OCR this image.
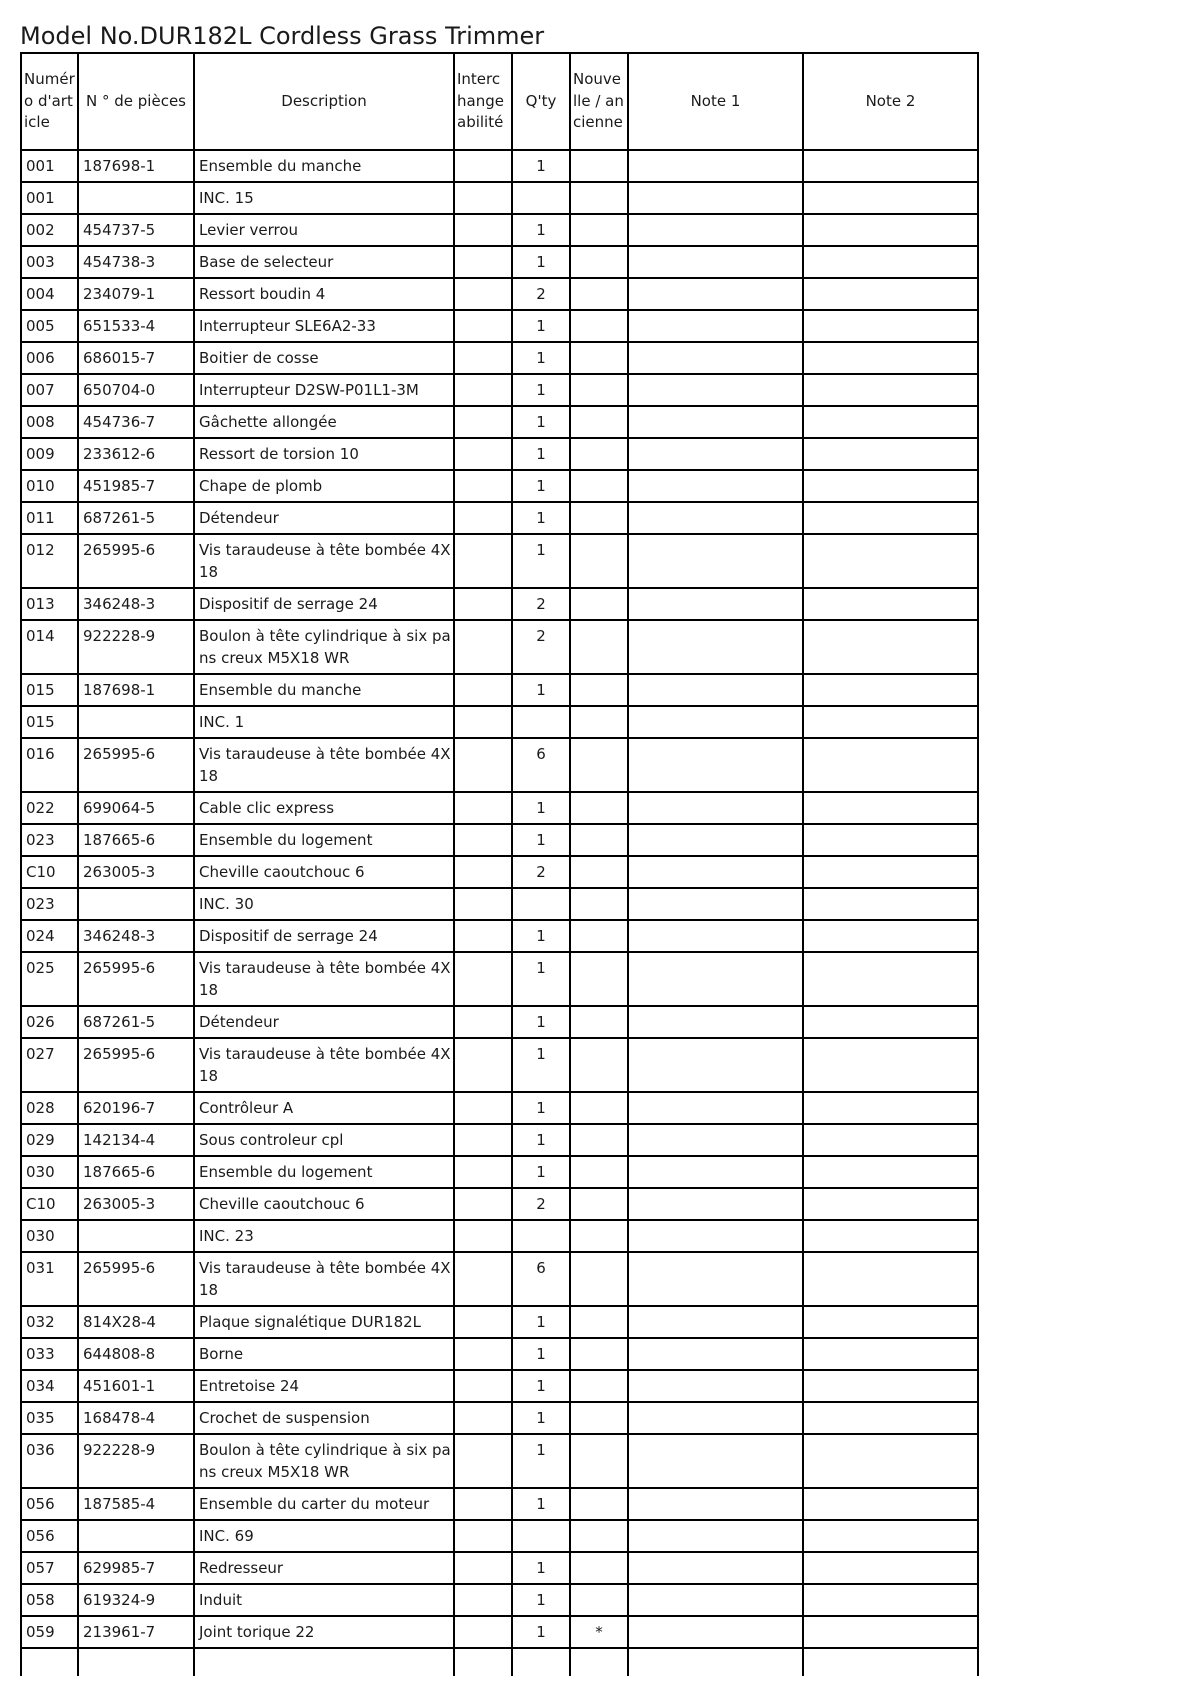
Model No.DUR182L Cordless Grass Trimmer
Numéro d'article	N ° de pièces	Description	Interchangeabilité	Q'ty	Nouvelle / ancienne	Note 1	Note 2
001	187698-1	Ensemble du manche		1			
001		INC. 15					
002	454737-5	Levier verrou		1			
003	454738-3	Base de selecteur		1			
004	234079-1	Ressort boudin 4		2			
005	651533-4	Interrupteur SLE6A2-33		1			
006	686015-7	Boitier de cosse		1			
007	650704-0	Interrupteur D2SW-P01L1-3M		1			
008	454736-7	Gâchette allongée		1			
009	233612-6	Ressort de torsion 10		1			
010	451985-7	Chape de plomb		1			
011	687261-5	Détendeur		1			
012	265995-6	Vis taraudeuse à tête bombée 4X18		1			
013	346248-3	Dispositif de serrage 24		2			
014	922228-9	Boulon à tête cylindrique à six pans creux M5X18 WR		2			
015	187698-1	Ensemble du manche		1			
015		INC. 1					
016	265995-6	Vis taraudeuse à tête bombée 4X18		6			
022	699064-5	Cable clic express		1			
023	187665-6	Ensemble du logement		1			
C10	263005-3	Cheville caoutchouc 6		2			
023		INC. 30					
024	346248-3	Dispositif de serrage 24		1			
025	265995-6	Vis taraudeuse à tête bombée 4X18		1			
026	687261-5	Détendeur		1			
027	265995-6	Vis taraudeuse à tête bombée 4X18		1			
028	620196-7	Contrôleur A		1			
029	142134-4	Sous controleur cpl		1			
030	187665-6	Ensemble du logement		1			
C10	263005-3	Cheville caoutchouc 6		2			
030		INC. 23					
031	265995-6	Vis taraudeuse à tête bombée 4X18		6			
032	814X28-4	Plaque signalétique DUR182L		1			
033	644808-8	Borne		1			
034	451601-1	Entretoise 24		1			
035	168478-4	Crochet de suspension		1			
036	922228-9	Boulon à tête cylindrique à six pans creux M5X18 WR		1			
056	187585-4	Ensemble du carter du moteur		1			
056		INC. 69					
057	629985-7	Redresseur		1			
058	619324-9	Induit		1			
059	213961-7	Joint torique 22		1	*		
